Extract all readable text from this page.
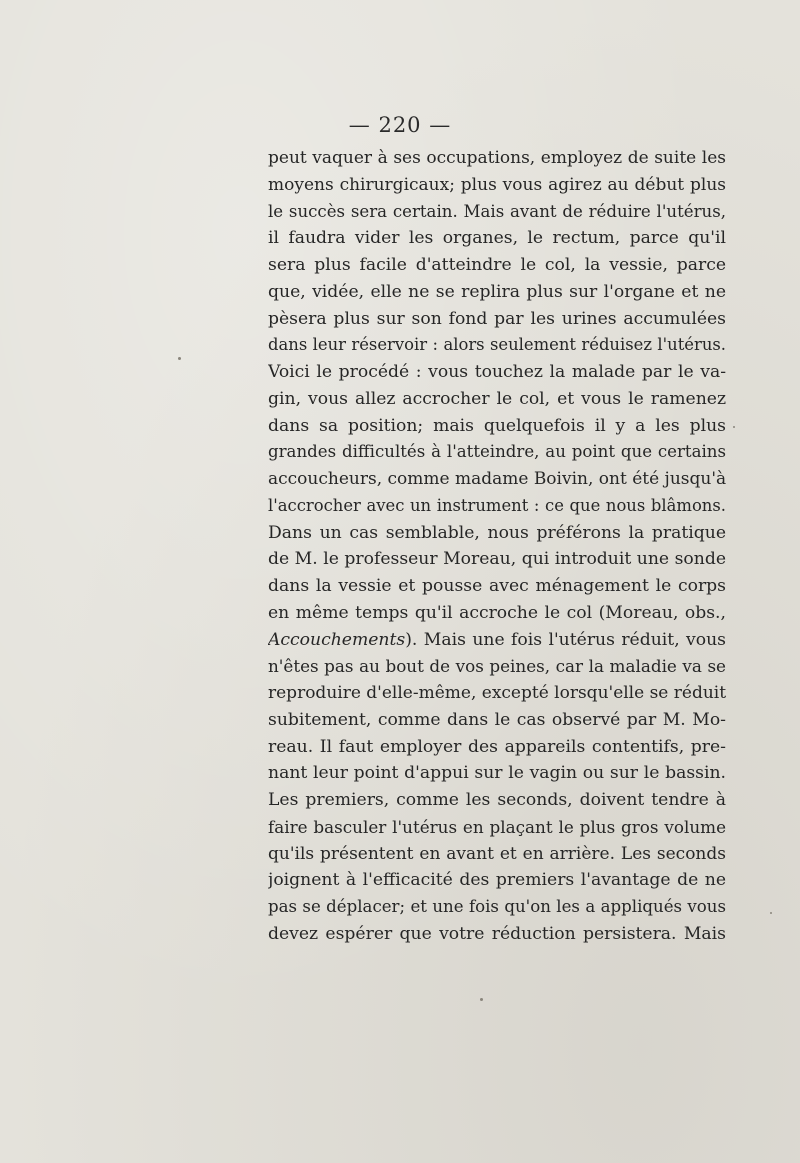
— 220 —
peut vaquer à ses occupations, employez de suite les
moyens chirurgicaux; plus vous agirez au début plus
le succès sera certain. Mais avant de réduire l'utérus,
il faudra vider les organes, le rectum, parce qu'il
sera plus facile d'atteindre le col, la vessie, parce
que, vidée, elle ne se replira plus sur l'organe et ne
pèsera plus sur son fond par les urines accumulées
dans leur réservoir : alors seulement réduisez l'utérus.
Voici le procédé : vous touchez la malade par le va-
gin, vous allez accrocher le col, et vous le ramenez
dans sa position; mais quelquefois il y a les plus
grandes difficultés à l'atteindre, au point que certains
accoucheurs, comme madame Boivin, ont été jusqu'à
l'accrocher avec un instrument : ce que nous blâmons.
Dans un cas semblable, nous préférons la pratique
de M. le professeur Moreau, qui introduit une sonde
dans la vessie et pousse avec ménagement le corps
en même temps qu'il accroche le col (Moreau, obs.,
Accouchements). Mais une fois l'utérus réduit, vous
n'êtes pas au bout de vos peines, car la maladie va se
reproduire d'elle-même, excepté lorsqu'elle se réduit
subitement, comme dans le cas observé par M. Mo-
reau. Il faut employer des appareils contentifs, pre-
nant leur point d'appui sur le vagin ou sur le bassin.
Les premiers, comme les seconds, doivent tendre à
faire basculer l'utérus en plaçant le plus gros volume
qu'ils présentent en avant et en arrière. Les seconds
joignent à l'efficacité des premiers l'avantage de ne
pas se déplacer; et une fois qu'on les a appliqués vous
devez espérer que votre réduction persistera. Mais
